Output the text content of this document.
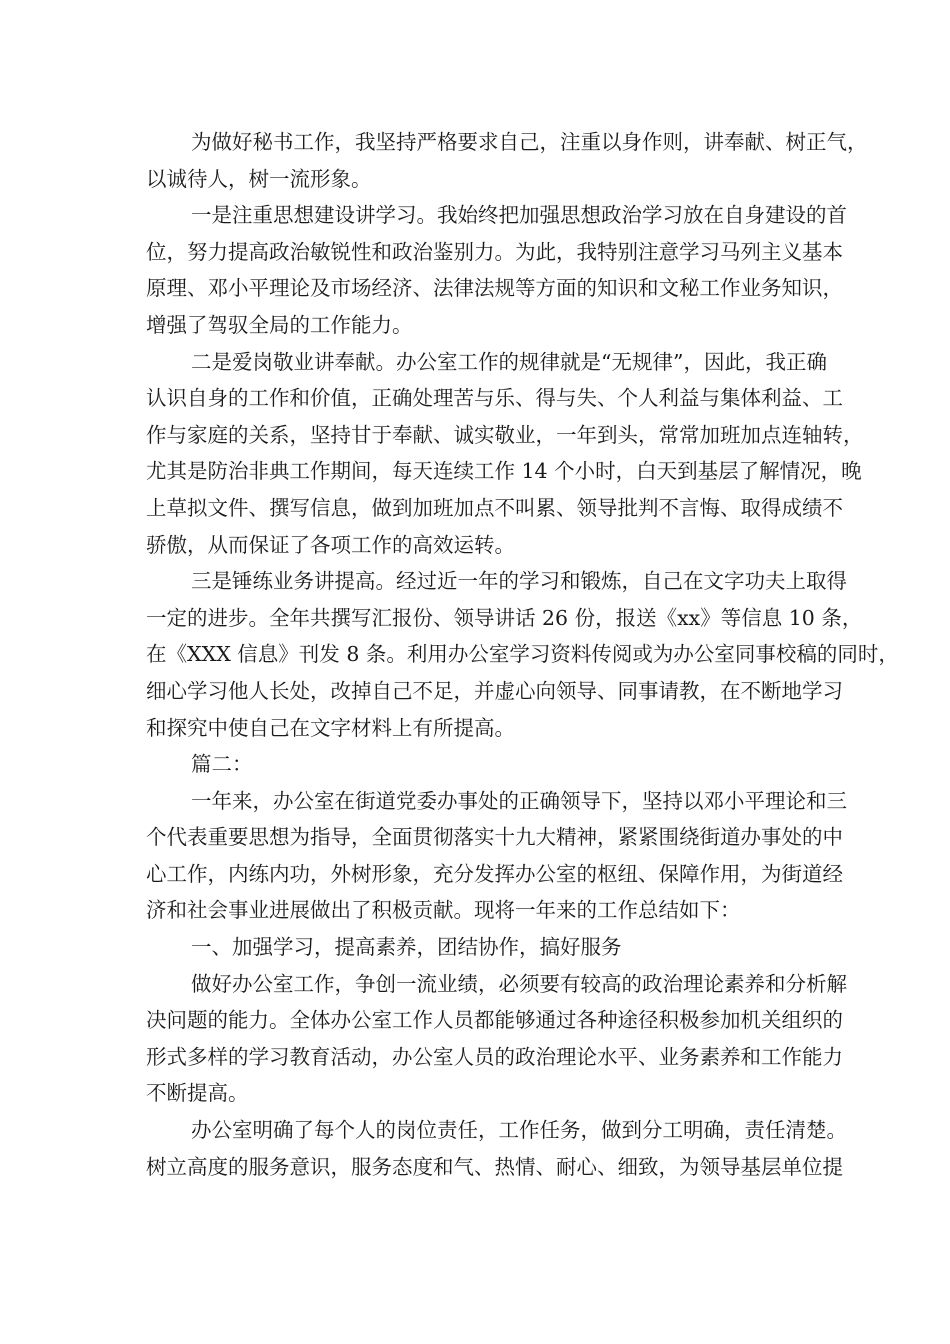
为做好秘书工作，我坚持严格要求自己，注重以身作则，讲奉献、树正气，
以诚待人，树一流形象。
一是注重思想建设讲学习。我始终把加强思想政治学习放在自身建设的首
位，努力提高政治敏锐性和政治鉴别力。为此，我特别注意学习马列主义基本
原理、邓小平理论及市场经济、法律法规等方面的知识和文秘工作业务知识，
增强了驾驭全局的工作能力。
二是爱岗敬业讲奉献。办公室工作的规律就是“无规律”，因此，我正确
认识自身的工作和价值，正确处理苦与乐、得与失、个人利益与集体利益、工
作与家庭的关系，坚持甘于奉献、诚实敬业，一年到头，常常加班加点连轴转，
尤其是防治非典工作期间，每天连续工作 14 个小时，白天到基层了解情况，晚
上草拟文件、撰写信息，做到加班加点不叫累、领导批判不言悔、取得成绩不
骄傲，从而保证了各项工作的高效运转。
三是锤练业务讲提高。经过近一年的学习和锻炼，自己在文字功夫上取得
一定的进步。全年共撰写汇报份、领导讲话 26 份，报送《xx》等信息 10 条，
在《XXX 信息》刊发 8 条。利用办公室学习资料传阅或为办公室同事校稿的同时，
细心学习他人长处，改掉自己不足，并虚心向领导、同事请教，在不断地学习
和探究中使自己在文字材料上有所提高。
篇二：
一年来，办公室在街道党委办事处的正确领导下，坚持以邓小平理论和三
个代表重要思想为指导，全面贯彻落实十九大精神，紧紧围绕街道办事处的中
心工作，内练内功，外树形象，充分发挥办公室的枢纽、保障作用，为街道经
济和社会事业进展做出了积极贡献。现将一年来的工作总结如下：
一、加强学习，提高素养，团结协作，搞好服务
做好办公室工作，争创一流业绩，必须要有较高的政治理论素养和分析解
决问题的能力。全体办公室工作人员都能够通过各种途径积极参加机关组织的
形式多样的学习教育活动，办公室人员的政治理论水平、业务素养和工作能力
不断提高。
办公室明确了每个人的岗位责任，工作任务，做到分工明确，责任清楚。
树立高度的服务意识，服务态度和气、热情、耐心、细致，为领导基层单位提
